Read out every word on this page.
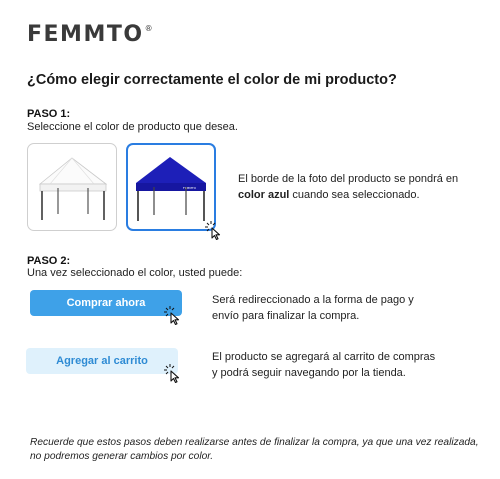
FEMMTO®
¿Cómo elegir correctamente el color de mi producto?
PASO 1:
Seleccione el color de producto que desea.
FEMMTO
El borde de la foto del producto se pondrá en
color azul cuando sea seleccionado.
PASO 2:
Una vez seleccionado el color, usted puede:
Comprar ahora	Será redireccionado a la forma de pago y envío para finalizar la compra.
Agregar al carrito	El producto se agregará al carrito de compras y podrá seguir navegando por la tienda.
Recuerde que estos pasos deben realizarse antes de finalizar la compra, ya que una vez realizada, no podremos generar cambios por color.
